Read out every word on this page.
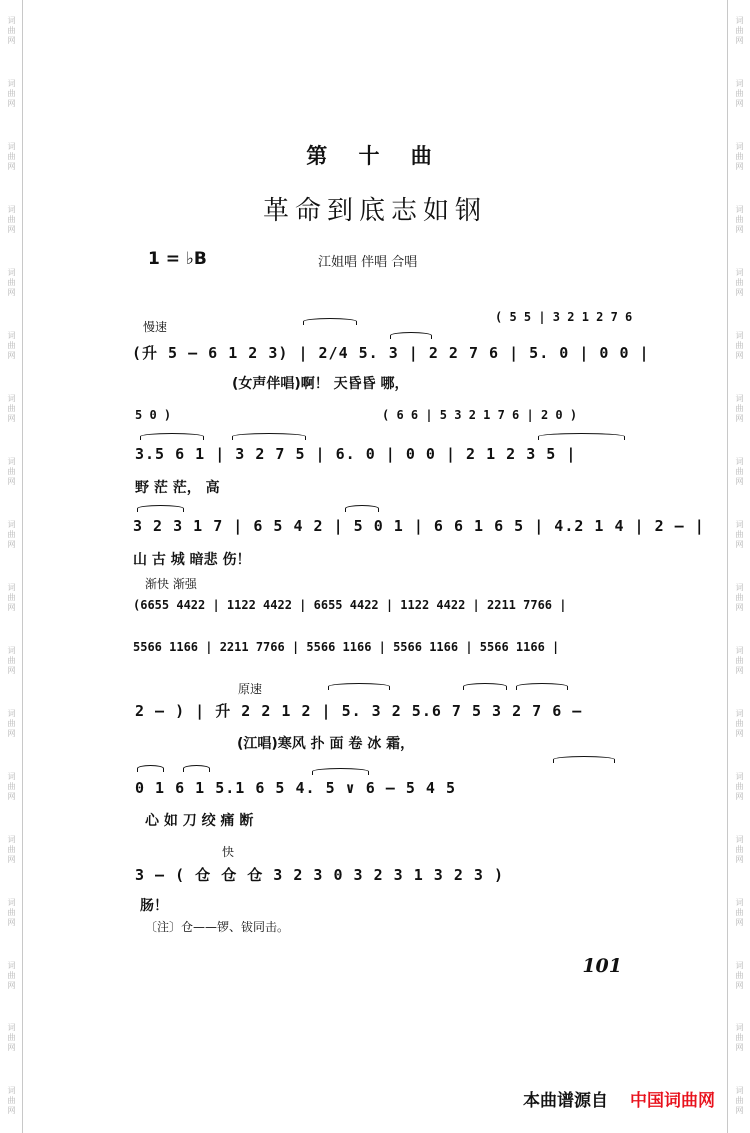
词曲网
词曲网
词曲网
词曲网
词曲网
词曲网
词曲网
词曲网
词曲网
词曲网
词曲网
词曲网
词曲网
词曲网
词曲网
词曲网
词曲网
词曲网
词曲网
词曲网
词曲网
词曲网
词曲网
词曲网
词曲网
词曲网
词曲网
词曲网
词曲网
词曲网
词曲网
词曲网
词曲网
词曲网
词曲网
词曲网
第 十 曲
革命到底志如钢
1 = ♭B	江姐唱 伴唱 合唱
慢速
( 5 5 | 3 2 1 2 7 6
(升 5 — 6 1 2 3) | 2/4 5. 3 | 2 2 7 6 | 5. 0 | 0 0 |
(女声伴唱)啊！ 天昏昏 哪，
5 0 )	( 6 6 | 5 3 2 1 7 6 | 2 0 )
3.5 6 1 | 3 2 7 5 | 6. 0 | 0 0 | 2 1 2 3 5 |
野 茫 茫， 高
3 2 3 1 7 | 6 5 4 2 | 5 0 1 | 6 6 1 6 5 | 4.2 1 4 | 2 — |
山 古 城 暗悲 伤！
渐快 渐强
(6655 4422 | 1122 4422 | 6655 4422 | 1122 4422 | 2211 7766 |
5566 1166 | 2211 7766 | 5566 1166 | 5566 1166 | 5566 1166 |
原速
2 — ) | 升 2 2 1 2 | 5. 3 2 5.6 7 5 3 2 7 6 —
(江唱)寒风 扑 面 卷 冰 霜，
0 1 6 1 5.1 6 5 4. 5 ∨ 6 — 5 4 5
心 如 刀 绞 痛 断
快
3 — ( 仓 仓 仓 3 2 3 0 3 2 3 1 3 2 3 )
肠！
〔注〕仓——锣、钹同击。
101
本曲谱源自 中国词曲网
